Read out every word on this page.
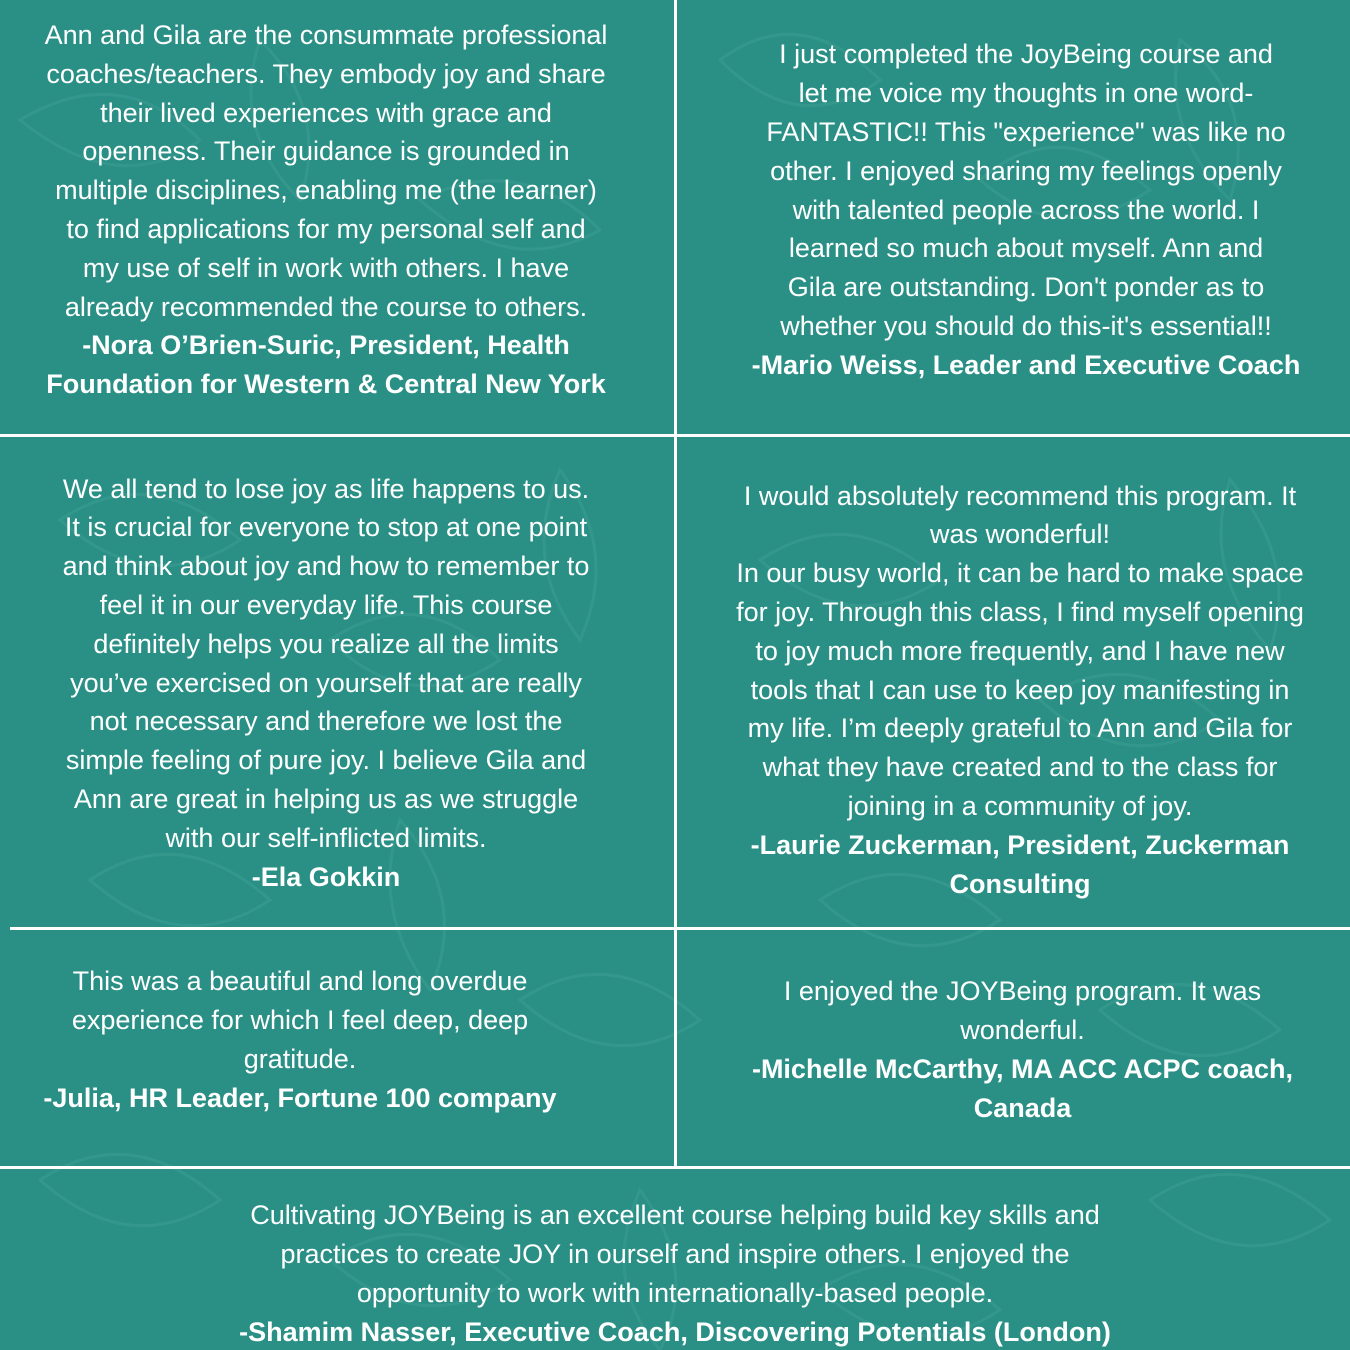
Ann and Gila are the consummate professional
coaches/teachers. They embody joy and share
their lived experiences with grace and
openness. Their guidance is grounded in
multiple disciplines, enabling me (the learner)
to find applications for my personal self and
my use of self in work with others. I have
already recommended the course to others.

-Nora O’Brien-Suric, President, Health
Foundation for Western & Central New York

I just completed the JoyBeing course and
let me voice my thoughts in one word-
FANTASTIC!! This "experience" was like no
other. I enjoyed sharing my feelings openly
with talented people across the world. I
learned so much about myself. Ann and
Gila are outstanding. Don't ponder as to
whether you should do this-it's essential!!

-Mario Weiss, Leader and Executive Coach

We all tend to lose joy as life happens to us.
It is crucial for everyone to stop at one point
and think about joy and how to remember to
feel it in our everyday life. This course
definitely helps you realize all the limits
you’ve exercised on yourself that are really
not necessary and therefore we lost the
simple feeling of pure joy. I believe Gila and
Ann are great in helping us as we struggle
with our self-inflicted limits.

-Ela Gokkin

I would absolutely recommend this program. It
was wonderful!
In our busy world, it can be hard to make space
for joy. Through this class, I find myself opening
to joy much more frequently, and I have new
tools that I can use to keep joy manifesting in
my life. I’m deeply grateful to Ann and Gila for
what they have created and to the class for
joining in a community of joy.

-Laurie Zuckerman, President, Zuckerman
Consulting

This was a beautiful and long overdue
experience for which I feel deep, deep
gratitude.

-Julia, HR Leader, Fortune 100 company

I enjoyed the JOYBeing program. It was
wonderful.

-Michelle McCarthy, MA ACC ACPC coach,
Canada

Cultivating JOYBeing is an excellent course helping build key skills and
practices to create JOY in ourself and inspire others. I enjoyed the
opportunity to work with internationally-based people.

-Shamim Nasser, Executive Coach, Discovering Potentials (London)
